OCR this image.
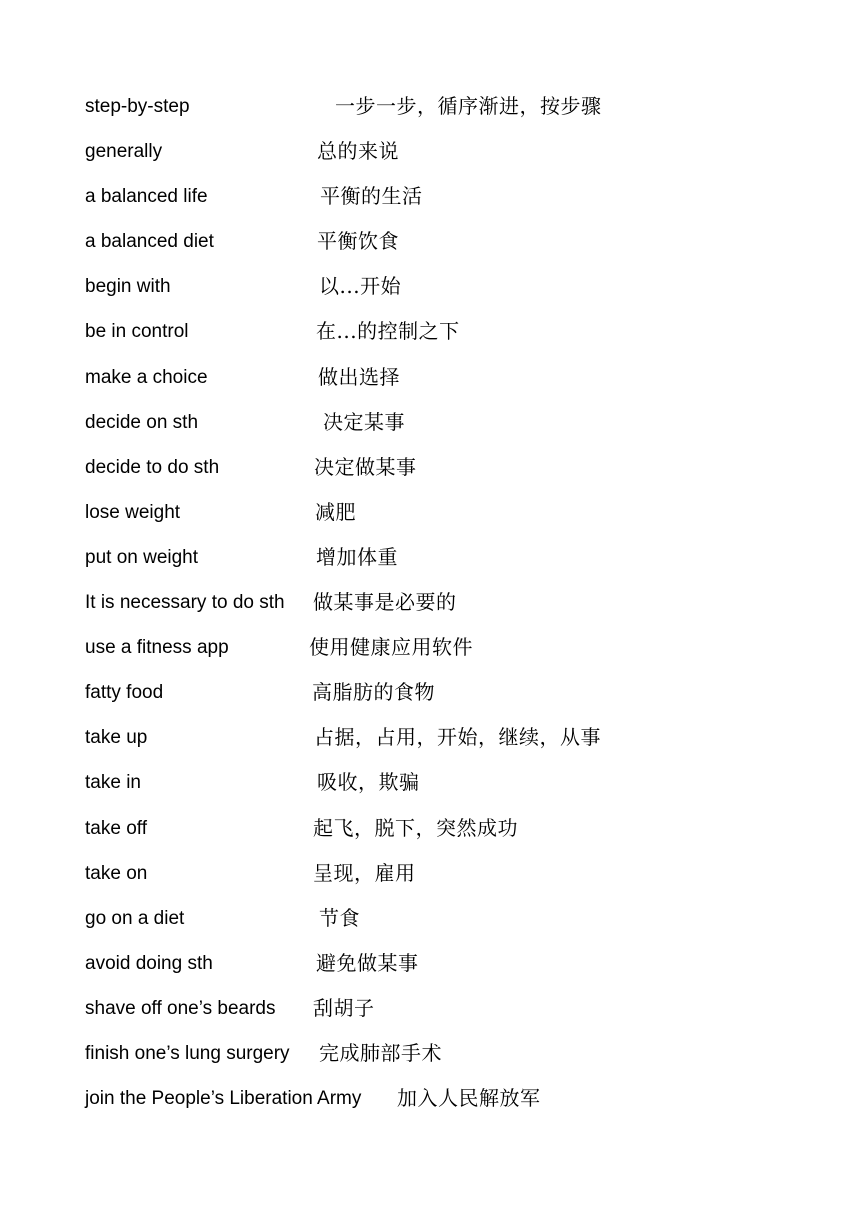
step-by-step	一步一步，循序渐进，按步骤
generally	总的来说
a balanced life	平衡的生活
a balanced diet	平衡饮食
begin with	以...开始
be in control	在...的控制之下
make a choice	做出选择
decide on sth	决定某事
decide to do sth	决定做某事
lose weight	减肥
put on weight	增加体重
It is necessary to do sth 做某事是必要的
use a fitness app	使用健康应用软件
fatty food	高脂肪的食物
take up	占据，占用，开始，继续，从事
take in	吸收，欺骗
take off	起飞，脱下，突然成功
take on	呈现，雇用
go on a diet	节食
avoid doing sth	避免做某事
shave off one’s beards 刮胡子
finish one’s lung surgery 完成肺部手术
join the People’s Liberation Army 加入人民解放军
